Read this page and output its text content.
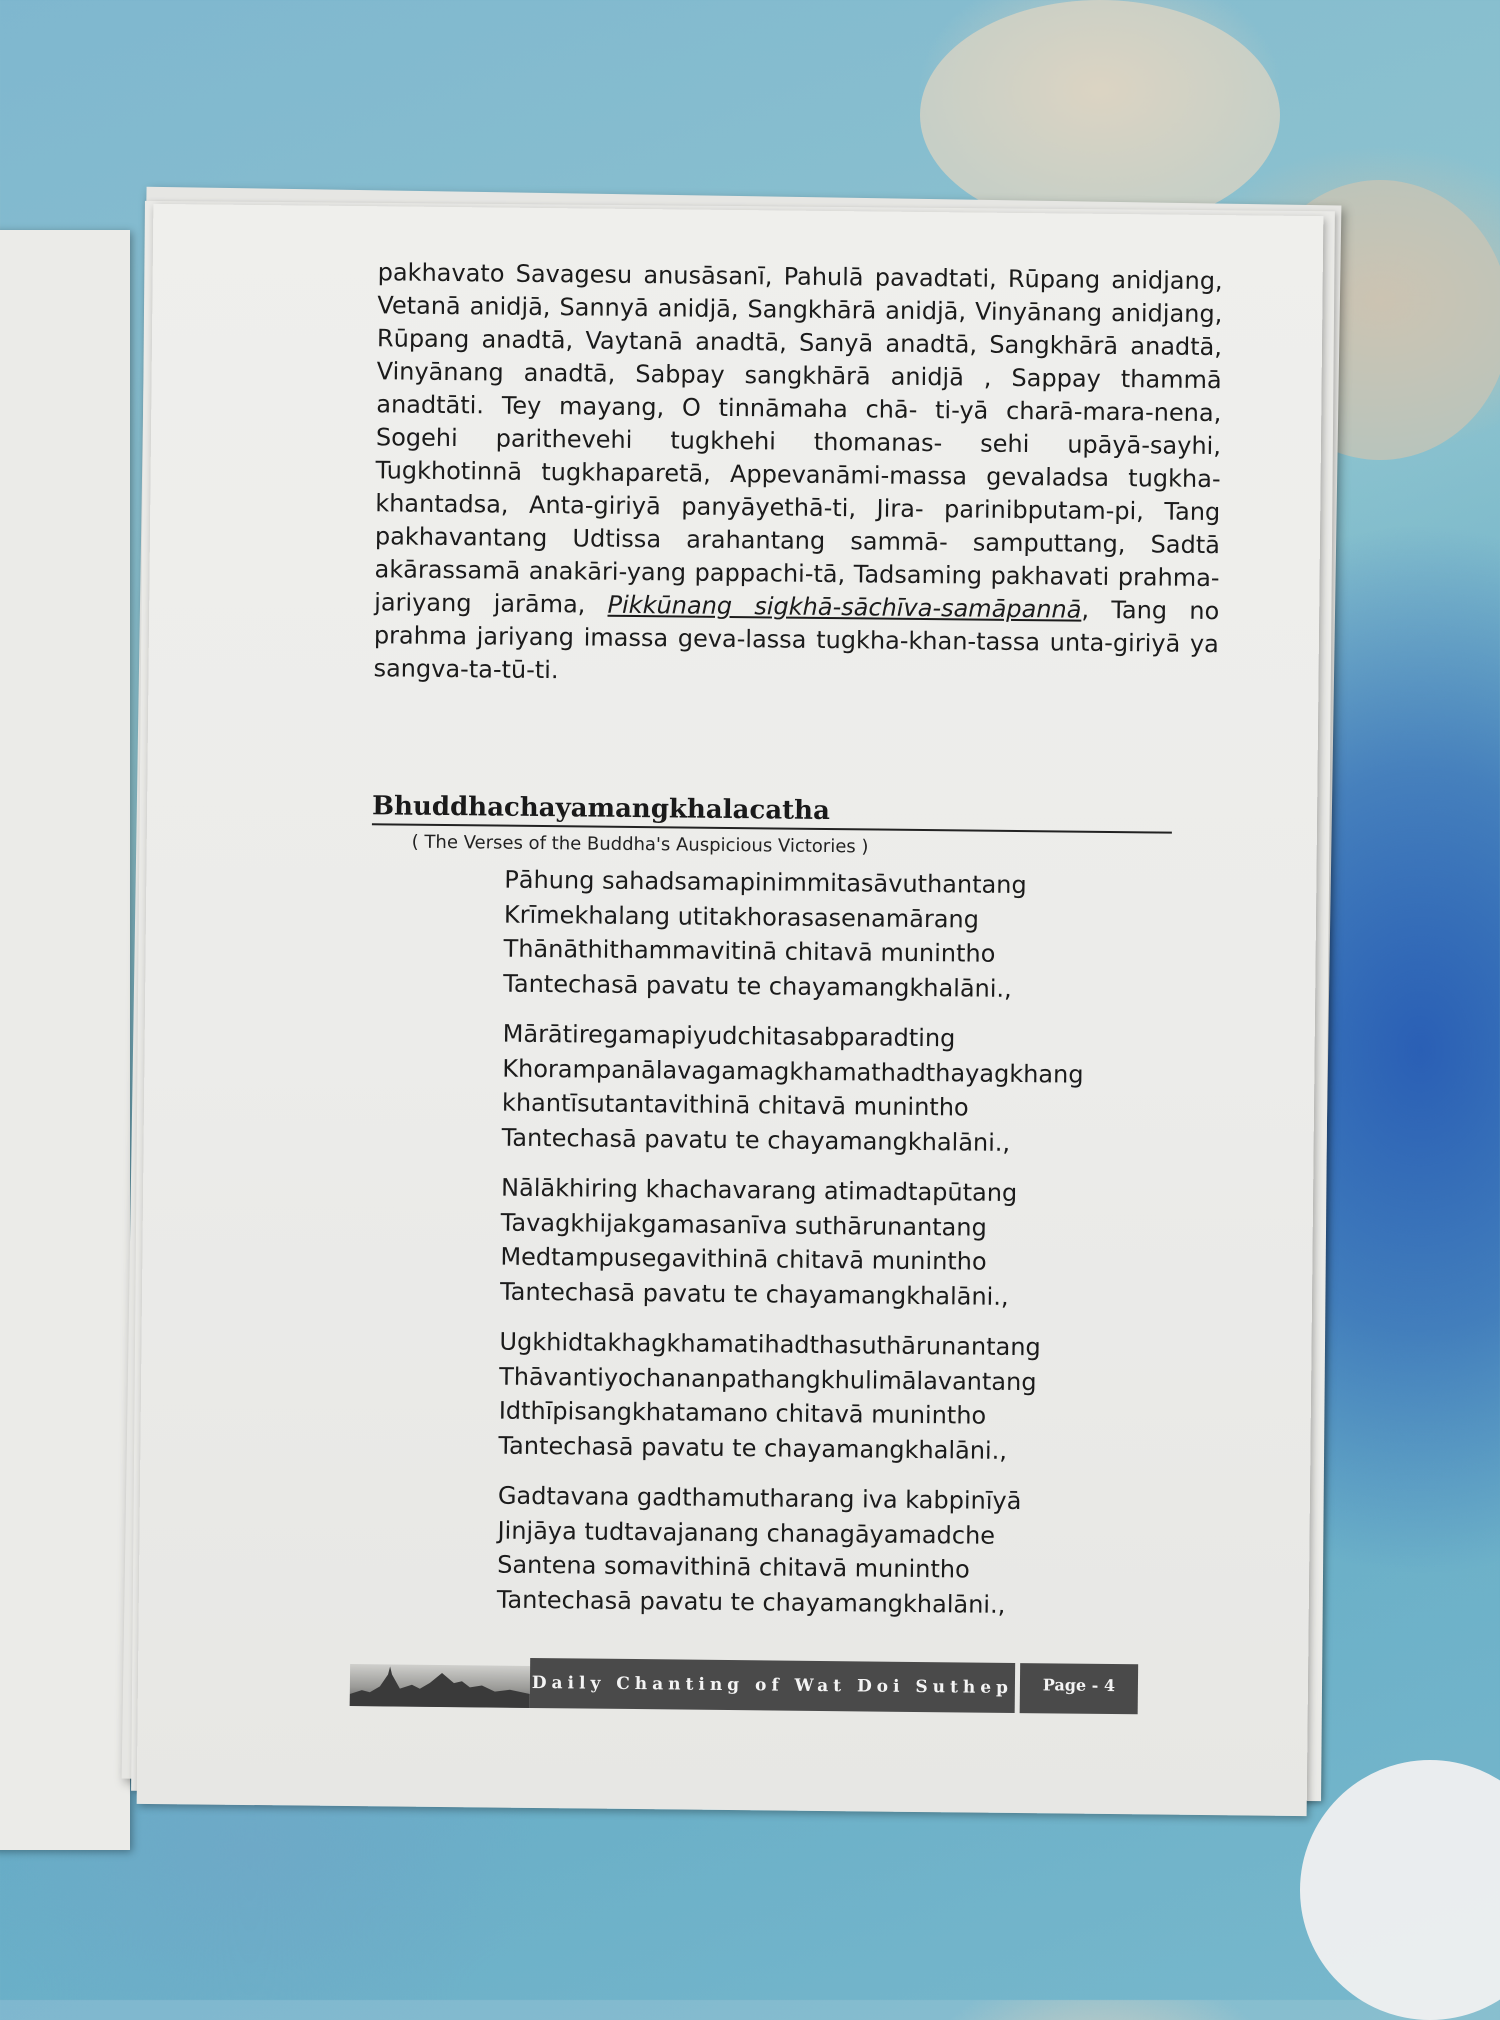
pakhavato Savagesu anusāsanī, Pahulā pavadtati, Rūpang anidjang, Vetanā anidjā, Sannyā anidjā, Sangkhārā anidjā, Vinyānang anidjang, Rūpang anadtā, Vaytanā anadtā, Sanyā anadtā, Sangkhārā anadtā, Vinyānang anadtā, Sabpay sangkhārā anidjā , Sappay thammā anadtāti. Tey mayang, O tinnāmaha chā- ti-yā charā-mara-nena, Sogehi parithevehi tugkhehi thomanas- sehi upāyā-sayhi, Tugkhotinnā tugkhaparetā, Appevanāmi-massa gevaladsa tugkha-khantadsa, Anta-giriyā panyāyethā-ti, Jira- parinibputam-pi, Tang pakhavantang Udtissa arahantang sammā- samputtang, Sadtā akārassamā anakāri-yang pappachi-tā, Tadsaming pakhavati prahma-jariyang jarāma, Pikkūnang sigkhā-sāchīva-samāpannā, Tang no prahma jariyang imassa geva-lassa tugkha-khan-tassa unta-giriyā ya sangva-ta-tū-ti.

Bhuddhachayamangkhalacatha
( The Verses of the Buddha's Auspicious Victories )
Pāhung sahadsamapinimmitasāvuthantang
Krīmekhalang utitakhorasasenamārang
Thānāthithammavitinā chitavā munintho
Tantechasā pavatu te chayamangkhalāni.,
Mārātiregamapiyudchitasabparadting
Khorampanālavagamagkhamathadthayagkhang
khantīsutantavithinā chitavā munintho
Tantechasā pavatu te chayamangkhalāni.,
Nālākhiring khachavarang atimadtapūtang
Tavagkhijakgamasanīva suthārunantang
Medtampusegavithinā chitavā munintho
Tantechasā pavatu te chayamangkhalāni.,
Ugkhidtakhagkhamatihadthasuthārunantang
Thāvantiyochananpathangkhulimālavantang
Idthīpisangkhatamano chitavā munintho
Tantechasā pavatu te chayamangkhalāni.,
Gadtavana gadthamutharang iva kabpinīyā
Jinjāya tudtavajanang chanagāyamadche
Santena somavithinā chitavā munintho
Tantechasā pavatu te chayamangkhalāni.,
Daily Chanting of Wat Doi Suthep	Page - 4
